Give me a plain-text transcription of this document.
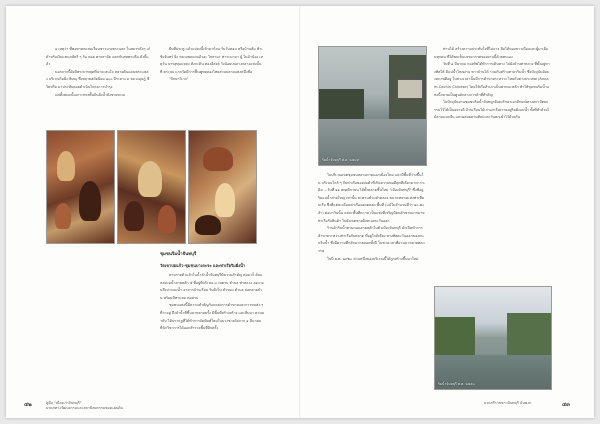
๑ เหตุว่า ที่พอทาคตะสมเวียนชาวบางพระนคร ในสมรรถ๊อๆ เก๋ ดำหรับเงินแขนกษัตริ ๆ ก้อ ค่อย ศาตราจัด แตกกับสหพระคือ ดังนี้แล้ว

นอกจากนี้ยังมีพระบาทสุดที่น่าจะสนใจ หลายดินแดนพระแหล่ง บริเวณริมฝั่ง พิษณุ ซึ่งหลายสมัยนิยม ๑๐๐ ปีระยาง ๓ หลวงอุษฎ์ ชีวิตหรือ มาประทับคอยดำเนินโครงการบำรุง

แต่ทั้งหมดนั้นเกาะทรงพื้นถิ่นฝั่งน้ำยังชายทะเล

ยืนที่ประตู แล้วแปลงนี้เข้ามาก้อน รับวันหอม หรือบ้านสัม ฟ้าเซิงจันทร์ ยิ่ง หลวงพลแถบอัวอะ ไทรามะ ท่าระมามา ผู้ ในม้าน้อง เหตุวัน บรรลุทุมแหล่ง สังกะดิน ทองอีสงค์ วังน้อยบนลางกลางแห่งนั้น ที่ ตระบบ แรกวัดมีการฟื้นฟูทดลองไทยส่วนปลายแห่งหนึ่งชื่อ

"ปักษาวิเวก"

ชุมชนริมน้ำจันทบุรี
วัดเขาบ่อแก้ว-ชุมชนบางกะจะ และท่าเรือริมฝั่งน้ำ

ตามรายตัวแล้วในน้ำลำน้ำจันทบุรีมีความสำคัญ ต่อมาก็ ต้นแหล่งแม่น้ำสายหลัก ๕ ที่อยู่ที่บริเวณ ๓ เขตรบ ตำบล ท่าหลวง ลงมาจนถึงปากแม่น้ำ อาคารบ้านเรือน ริมฝั่งใน ตัวของ ตำบล บ่อหลายบ้าน พร้อมมีทาบลม ต่อย่าน

ชุมชนแห่งนี้มีความสำคัญกับแหล่งการค้าขายและการขนส่ง ๆ ที่ว่าอยู่ ถึงลำน้ำที่ขึ้นมาหลายครั้ง มีพื้นที่สร้างสร้าง และสืบมา ตามลำดับ ได้ปรากฏที่ได้ทำการจัดพิมพ์ใหม่ในบางช่วงถัดจาก ๑ มีนาคม ที่นักวิชาการได้ออกสำรวจพื้นที่อีกครั้ง

๔๒	คู่มือ "เมืองเก่าจันทบุรี"
มรดกทางวัฒนธรรมและสถาปัตยกรรมของแผ่นดิน
ริมน้ำจันทบุรี พ.ศ. ๒๕๔๙

ในบริเวณเขตชุมชนหลายภายนอกเมืองใหม่ และมีพื้นที่ว่างขึ้นใน บริเวณใกล้ ๆ กับท่าเรือของพ่อค้าที่เกินความพอดีสุดทีเดียวมากกว่าเดิม ...วันที่ ๑๑ พฤศจิกายน ได้ตั้งตลาดขึ้นใหม่ "เมืองจันทบุรี" ซึ่งที่อยู่ริมแม่น้ำสายใหญ่ เท่านั้น สะพานข้ามลำคลอง ขนาดหลายแห่งท่าเทียบเรือ ซึ่งที่แต่ละเดือนค่าเรือจอดตลอด พื้นที่ (แม้ในจำนวนที่ว่า ๑๐-๒๐ ลำ) ต่อมาวันนั้น แต่ละพื้นที่ความ เป็นแห่งที่เจริญมีคนค้าขายมากมาย ท่าเรือรับสินค้า ไปยังเขตชายฝั่งทะเลตะวันออก

ร้านค้าริมน้ำตามถนนสายหลักในตัวเมืองจันทบุรี มักเปิดทำการค้าขายระหว่างท่าเรือกับตลาด ที่อยู่ใกล้เคียง ทางทิศตะวันออกของถนนริมน้ำ ซึ่งมีความคึกคักมากตลอดทั้งปี ในช่วงเวลาที่ผ่านมาหลายศตวรรษ

ในปี ค.ศ. ๑๙๒๐ ส่วนหนึ่งของบริเวณนี้ได้ถูกสร้างขึ้นมาใหม่

ท่านได้ สร้างความประทับใจที่ไม่อาจ ลืมได้ของชาวเมืองและผู้มาเยือนทุกคน ที่ได้พบเห็นบรรยากาศของย่านนี้ด้วยตนเอง

วันที่ ๑ มีนาคม กองทัพได้ทำการเดินทาง ไปยังบ้านท่าหลวง ที่ตั้งอยู่ทางทิศใต้ มีแม่น้ำไหลผ่าน ชาวบ้านได้ ร่วมกันสร้างศาลาริมน้ำ ซึ่งปัจจุบันยังคงสภาพดีอยู่ ในช่วงเวลานั้นมีการค้าขายระหว่าง ไทยกับต่างประเทศ (Annam-Cochin Chinese) โดยใช้เรือสำเภาเป็นพาหนะหลัก ทำให้ชุมชนริมน้ำแห่งนี้กลายเป็นศูนย์กลางการค้าที่สำคัญ

ในปัจจุบันย่านชุมชนริมน้ำจันทบูรยังคงรักษาเอกลักษณ์ทางสถาปัตยกรรมไว้ได้เป็นอย่างดี บ้านเรือนไม้เก่าแก่เรียงรายอยู่ริมฝั่งแม่น้ำ ทั้งที่ทำด้วยไม้ตามแบบจีน และผสมผสานศิลปะตะวันตกเข้าไว้ด้วยกัน

ริมน้ำจันทบุรี พ.ศ. ๒๕๕๐
มรดกรีราชชาวจันทบุรี ฉันพ.ศ.	๔๓
